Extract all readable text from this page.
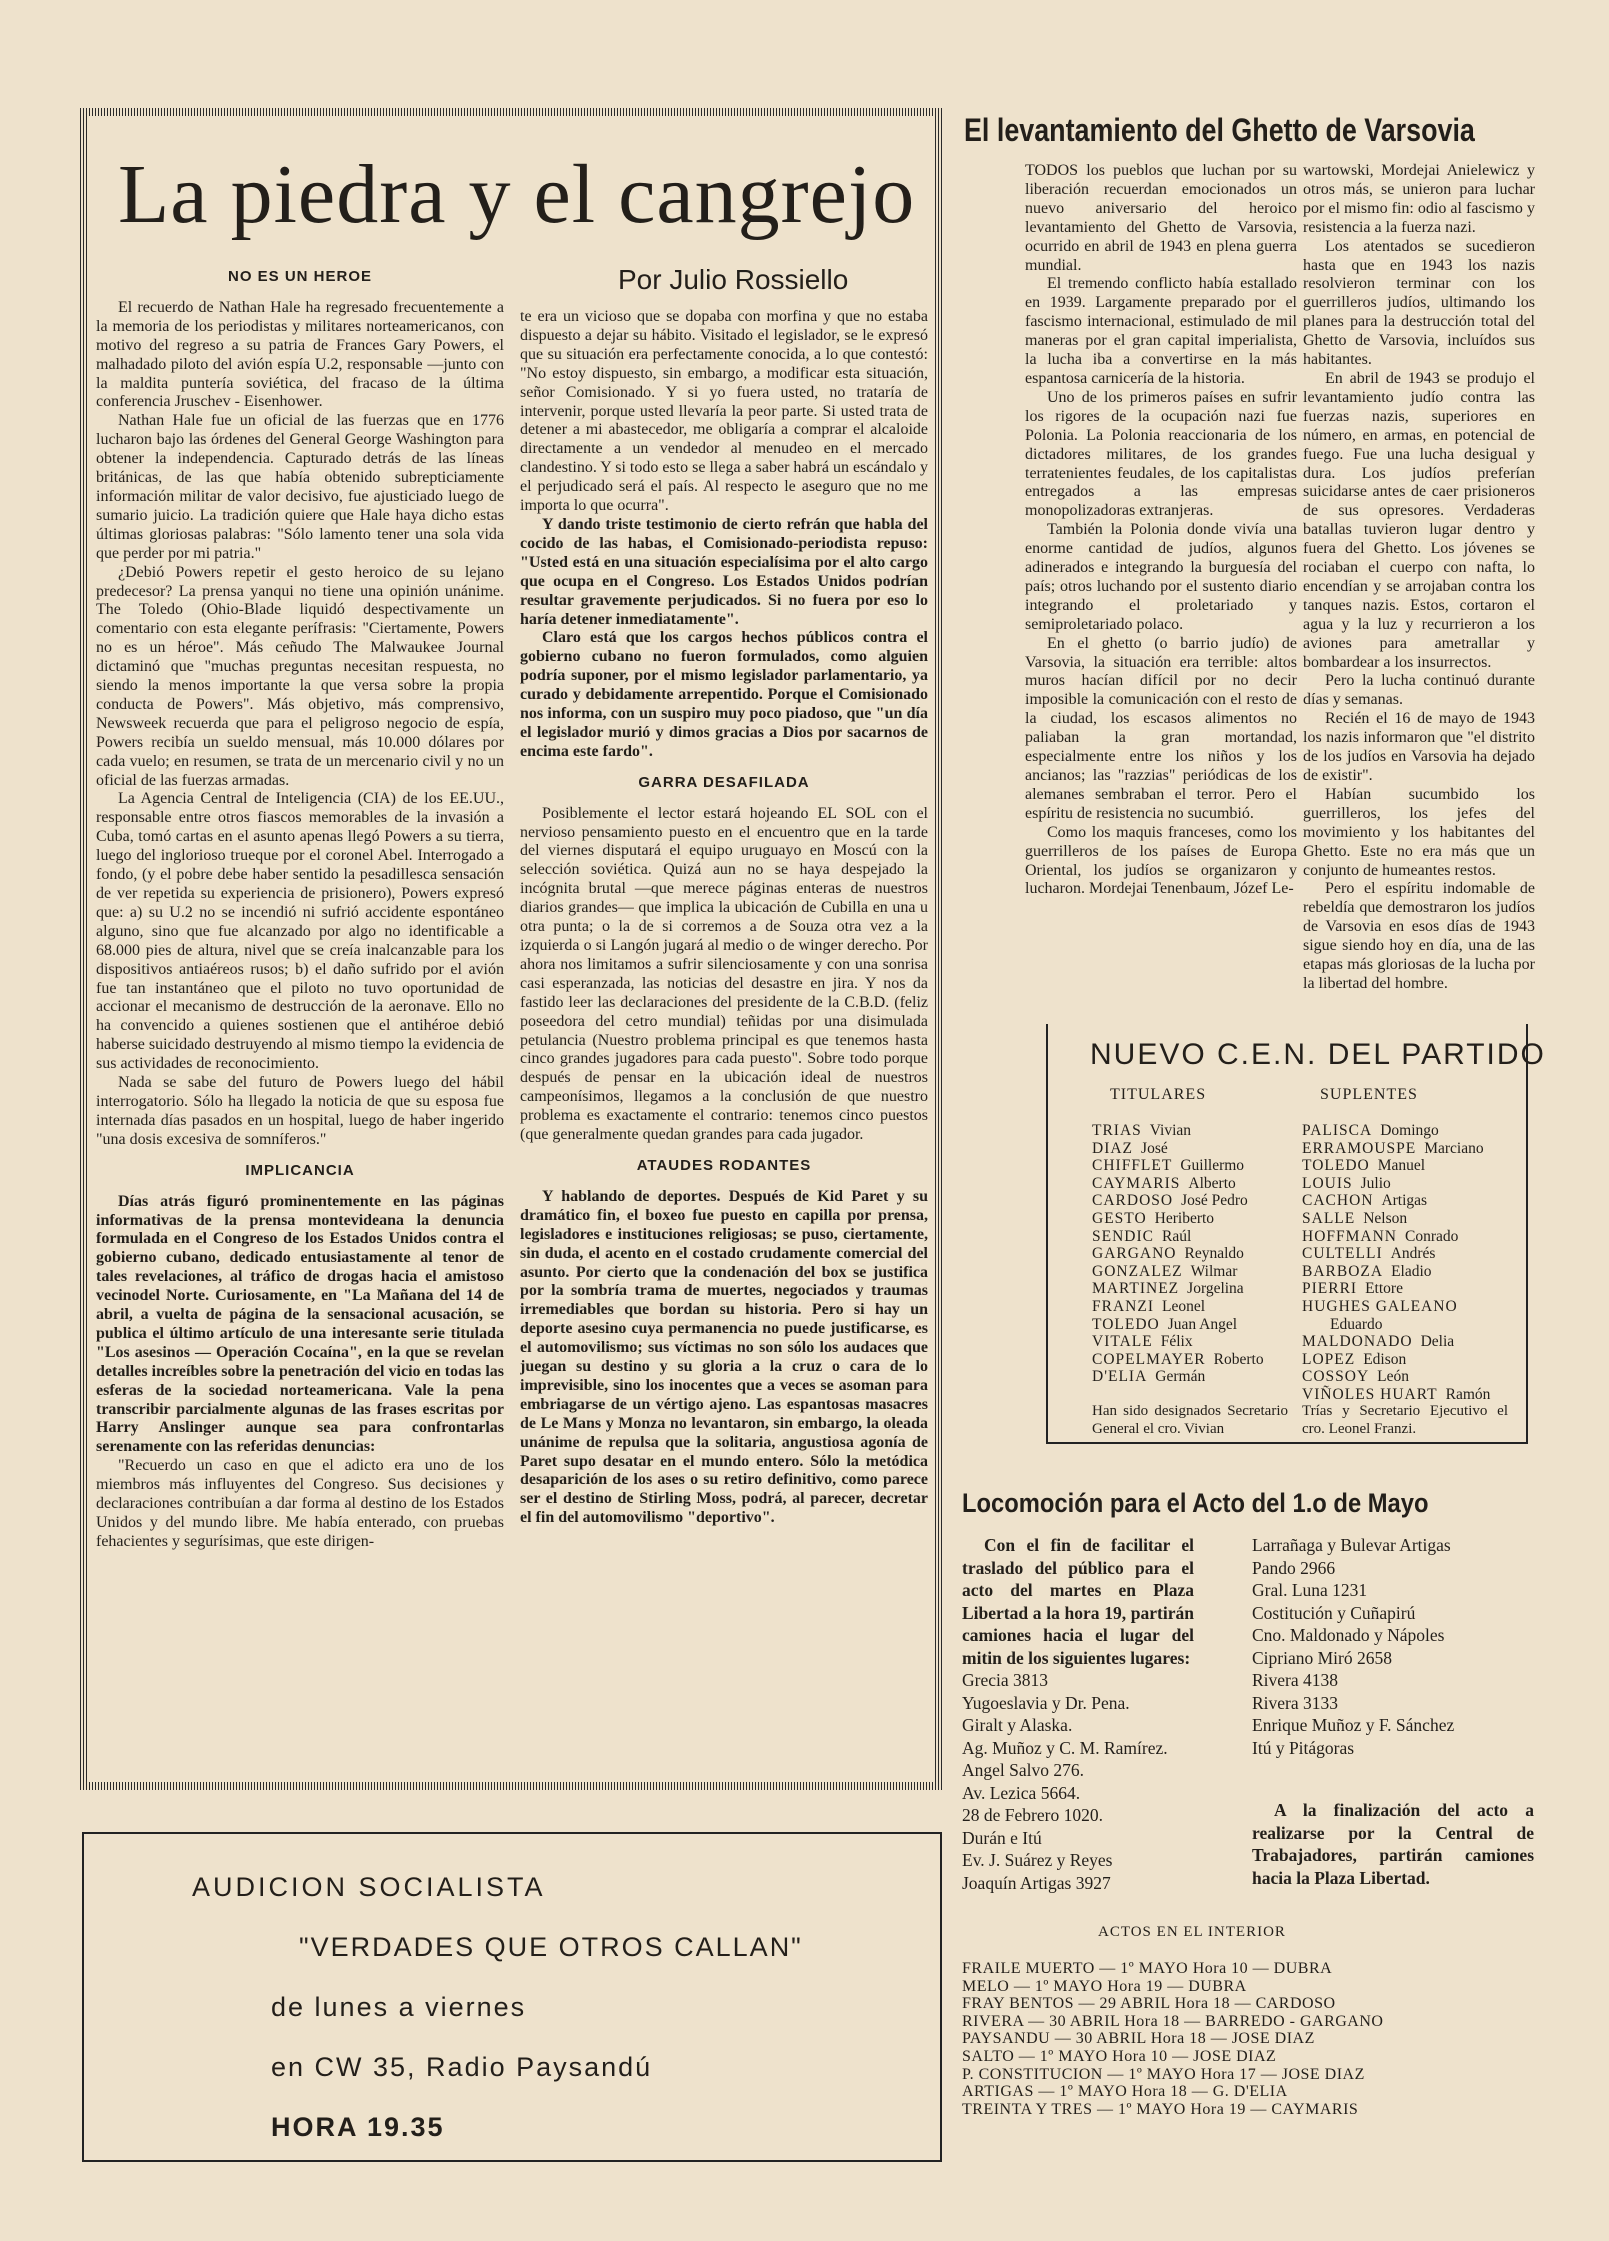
La piedra y el cangrejo
Por Julio Rossiello
NO ES UN HEROE

El recuerdo de Nathan Hale ha regresado frecuentemente a la memoria de los periodistas y militares norteamericanos, con motivo del regreso a su patria de Frances Gary Powers, el malhadado piloto del avión espía U.2, responsable —junto con la maldita puntería soviética, del fracaso de la última conferencia Jruschev - Eisenhower.

Nathan Hale fue un oficial de las fuerzas que en 1776 lucharon bajo las órdenes del General George Washington para obtener la independencia. Capturado detrás de las líneas británicas, de las que había obtenido subrepticiamente información militar de valor decisivo, fue ajusticiado luego de sumario juicio. La tradición quiere que Hale haya dicho estas últimas gloriosas palabras: "Sólo lamento tener una sola vida que perder por mi patria."

¿Debió Powers repetir el gesto heroico de su lejano predecesor? La prensa yanqui no tiene una opinión unánime. The Toledo (Ohio-Blade liquidó despectivamente un comentario con esta elegante perífrasis: "Ciertamente, Powers no es un héroe". Más ceñudo The Malwaukee Journal dictaminó que "muchas preguntas necesitan respuesta, no siendo la menos importante la que versa sobre la propia conducta de Powers". Más objetivo, más comprensivo, Newsweek recuerda que para el peligroso negocio de espía, Powers recibía un sueldo mensual, más 10.000 dólares por cada vuelo; en resumen, se trata de un mercenario civil y no un oficial de las fuerzas armadas.

La Agencia Central de Inteligencia (CIA) de los EE.UU., responsable entre otros fiascos memorables de la invasión a Cuba, tomó cartas en el asunto apenas llegó Powers a su tierra, luego del inglorioso trueque por el coronel Abel. Interrogado a fondo, (y el pobre debe haber sentido la pesadillesca sensación de ver repetida su experiencia de prisionero), Powers expresó que: a) su U.2 no se incendió ni sufrió accidente espontáneo alguno, sino que fue alcanzado por algo no identificable a 68.000 pies de altura, nivel que se creía inalcanzable para los dispositivos antiaéreos rusos; b) el daño sufrido por el avión fue tan instantáneo que el piloto no tuvo oportunidad de accionar el mecanismo de destrucción de la aeronave. Ello no ha convencido a quienes sostienen que el antihéroe debió haberse suicidado destruyendo al mismo tiempo la evidencia de sus actividades de reconocimiento.

Nada se sabe del futuro de Powers luego del hábil interrogatorio. Sólo ha llegado la noticia de que su esposa fue internada días pasados en un hospital, luego de haber ingerido "una dosis excesiva de somníferos."

IMPLICANCIA

Días atrás figuró prominentemente en las páginas informativas de la prensa montevideana la denuncia formulada en el Congreso de los Estados Unidos contra el gobierno cubano, dedicado entusiastamente al tenor de tales revelaciones, al tráfico de drogas hacia el amistoso vecinodel Norte. Curiosamente, en "La Mañana del 14 de abril, a vuelta de página de la sensacional acusación, se publica el último artículo de una interesante serie titulada "Los asesinos — Operación Cocaína", en la que se revelan detalles increíbles sobre la penetración del vicio en todas las esferas de la sociedad norteamericana. Vale la pena transcribir parcialmente algunas de las frases escritas por Harry Anslinger aunque sea para confrontarlas serenamente con las referidas denuncias:

"Recuerdo un caso en que el adicto era uno de los miembros más influyentes del Congreso. Sus decisiones y declaraciones contribuían a dar forma al destino de los Estados Unidos y del mundo libre. Me había enterado, con pruebas fehacientes y segurísimas, que este dirigen-

te era un vicioso que se dopaba con morfina y que no estaba dispuesto a dejar su hábito. Visitado el legislador, se le expresó que su situación era perfectamente conocida, a lo que contestó: "No estoy dispuesto, sin embargo, a modificar esta situación, señor Comisionado. Y si yo fuera usted, no trataría de intervenir, porque usted llevaría la peor parte. Si usted trata de detener a mi abastecedor, me obligaría a comprar el alcaloide directamente a un vendedor al menudeo en el mercado clandestino. Y si todo esto se llega a saber habrá un escándalo y el perjudicado será el país. Al respecto le aseguro que no me importa lo que ocurra".

Y dando triste testimonio de cierto refrán que habla del cocido de las habas, el Comisionado-periodista repuso: "Usted está en una situación especialísima por el alto cargo que ocupa en el Congreso. Los Estados Unidos podrían resultar gravemente perjudicados. Si no fuera por eso lo haría detener inmediatamente".

Claro está que los cargos hechos públicos contra el gobierno cubano no fueron formulados, como alguien podría suponer, por el mismo legislador parlamentario, ya curado y debidamente arrepentido. Porque el Comisionado nos informa, con un suspiro muy poco piadoso, que "un día el legislador murió y dimos gracias a Dios por sacarnos de encima este fardo".

GARRA DESAFILADA

Posiblemente el lector estará hojeando EL SOL con el nervioso pensamiento puesto en el encuentro que en la tarde del viernes disputará el equipo uruguayo en Moscú con la selección soviética. Quizá aun no se haya despejado la incógnita brutal —que merece páginas enteras de nuestros diarios grandes— que implica la ubicación de Cubilla en una u otra punta; o la de si corremos a de Souza otra vez a la izquierda o si Langón jugará al medio o de winger derecho. Por ahora nos limitamos a sufrir silenciosamente y con una sonrisa casi esperanzada, las noticias del desastre en jira. Y nos da fastido leer las declaraciones del presidente de la C.B.D. (feliz poseedora del cetro mundial) teñidas por una disimulada petulancia (Nuestro problema principal es que tenemos hasta cinco grandes jugadores para cada puesto". Sobre todo porque después de pensar en la ubicación ideal de nuestros campeonísimos, llegamos a la conclusión de que nuestro problema es exactamente el contrario: tenemos cinco puestos (que generalmente quedan grandes para cada jugador.

ATAUDES RODANTES

Y hablando de deportes. Después de Kid Paret y su dramático fin, el boxeo fue puesto en capilla por prensa, legisladores e instituciones religiosas; se puso, ciertamente, sin duda, el acento en el costado crudamente comercial del asunto. Por cierto que la condenación del box se justifica por la sombría trama de muertes, negociados y traumas irremediables que bordan su historia. Pero si hay un deporte asesino cuya permanencia no puede justificarse, es el automovilismo; sus víctimas no son sólo los audaces que juegan su destino y su gloria a la cruz o cara de lo imprevisible, sino los inocentes que a veces se asoman para embriagarse de un vértigo ajeno. Las espantosas masacres de Le Mans y Monza no levantaron, sin embargo, la oleada unánime de repulsa que la solitaria, angustiosa agonía de Paret supo desatar en el mundo entero. Sólo la metódica desaparición de los ases o su retiro definitivo, como parece ser el destino de Stirling Moss, podrá, al parecer, decretar el fin del automovilismo "deportivo".

AUDICION SOCIALISTA
"VERDADES QUE OTROS CALLAN"
de lunes a viernes
en CW 35, Radio Paysandú
HORA 19.35
El levantamiento del Ghetto de Varsovia

TODOS los pueblos que luchan por su liberación recuerdan emocionados un nuevo aniversario del heroico levantamiento del Ghetto de Varsovia, ocurrido en abril de 1943 en plena guerra mundial.

El tremendo conflicto había estallado en 1939. Largamente preparado por el fascismo internacional, estimulado de mil maneras por el gran capital imperialista, la lucha iba a convertirse en la más espantosa carnicería de la historia.

Uno de los primeros países en sufrir los rigores de la ocupación nazi fue Polonia. La Polonia reaccionaria de los dictadores militares, de los grandes terratenientes feudales, de los capitalistas entregados a las empresas monopolizadoras extranjeras.

También la Polonia donde vivía una enorme cantidad de judíos, algunos adinerados e integrando la burguesía del país; otros luchando por el sustento diario integrando el proletariado y semiproletariado polaco.

En el ghetto (o barrio judío) de Varsovia, la situación era terrible: altos muros hacían difícil por no decir imposible la comunicación con el resto de la ciudad, los escasos alimentos no paliaban la gran mortandad, especialmente entre los niños y los ancianos; las "razzias" periódicas de los alemanes sembraban el terror. Pero el espíritu de resistencia no sucumbió.

Como los maquis franceses, como los guerrilleros de los países de Europa Oriental, los judíos se organizaron y lucharon. Mordejai Tenenbaum, Józef Le-

wartowski, Mordejai Anielewicz y otros más, se unieron para luchar por el mismo fin: odio al fascismo y resistencia a la fuerza nazi.

Los atentados se sucedieron hasta que en 1943 los nazis resolvieron terminar con los guerrilleros judíos, ultimando los planes para la destrucción total del Ghetto de Varsovia, incluídos sus habitantes.

En abril de 1943 se produjo el levantamiento judío contra las fuerzas nazis, superiores en número, en armas, en potencial de fuego. Fue una lucha desigual y dura. Los judíos preferían suicidarse antes de caer prisioneros de sus opresores. Verdaderas batallas tuvieron lugar dentro y fuera del Ghetto. Los jóvenes se rociaban el cuerpo con nafta, lo encendían y se arrojaban contra los tanques nazis. Estos, cortaron el agua y la luz y recurrieron a los aviones para ametrallar y bombardear a los insurrectos.

Pero la lucha continuó durante días y semanas.

Recién el 16 de mayo de 1943 los nazis informaron que "el distrito de los judíos en Varsovia ha dejado de existir".

Habían sucumbido los guerrilleros, los jefes del movimiento y los habitantes del Ghetto. Este no era más que un conjunto de humeantes restos.

Pero el espíritu indomable de rebeldía que demostraron los judíos de Varsovia en esos días de 1943 sigue siendo hoy en día, una de las etapas más gloriosas de la lucha por la libertad del hombre.

NUEVO C.E.N. DEL PARTIDO
TITULARES	SUPLENTES
TRIAS Vivian
DIAZ José
CHIFFLET Guillermo
CAYMARIS Alberto
CARDOSO José Pedro
GESTO Heriberto
SENDIC Raúl
GARGANO Reynaldo
GONZALEZ Wilmar
MARTINEZ Jorgelina
FRANZI Leonel
TOLEDO Juan Angel
VITALE Félix
COPELMAYER Roberto
D'ELIA Germán
PALISCA Domingo
ERRAMOUSPE Marciano
TOLEDO Manuel
LOUIS Julio
CACHON Artigas
SALLE Nelson
HOFFMANN Conrado
CULTELLI Andrés
BARBOZA Eladio
PIERRI Ettore
HUGHES GALEANO
Eduardo
MALDONADO Delia
LOPEZ Edison
COSSOY León
VIÑOLES HUART Ramón
Han sido designados Secretario General el cro. Vivian
Trías y Secretario Ejecutivo el cro. Leonel Franzi.
Locomoción para el Acto del 1.o de Mayo
Con el fin de facilitar el traslado del público para el acto del martes en Plaza Libertad a la hora 19, partirán camiones hacia el lugar del mitin de los siguientes lugares:
Grecia 3813
Yugoeslavia y Dr. Pena.
Giralt y Alaska.
Ag. Muñoz y C. M. Ramírez.
Angel Salvo 276.
Av. Lezica 5664.
28 de Febrero 1020.
Durán e Itú
Ev. J. Suárez y Reyes
Joaquín Artigas 3927
Larrañaga y Bulevar Artigas
Pando 2966
Gral. Luna 1231
Costitución y Cuñapirú
Cno. Maldonado y Nápoles
Cipriano Miró 2658
Rivera 4138
Rivera 3133
Enrique Muñoz y F. Sánchez
Itú y Pitágoras
A la finalización del acto a realizarse por la Central de Trabajadores, partirán camiones hacia la Plaza Libertad.
ACTOS EN EL INTERIOR
FRAILE MUERTO — 1º MAYO Hora 10 — DUBRA
MELO — 1º MAYO Hora 19 — DUBRA
FRAY BENTOS — 29 ABRIL Hora 18 — CARDOSO
RIVERA — 30 ABRIL Hora 18 — BARREDO - GARGANO
PAYSANDU — 30 ABRIL Hora 18 — JOSE DIAZ
SALTO — 1º MAYO Hora 10 — JOSE DIAZ
P. CONSTITUCION — 1º MAYO Hora 17 — JOSE DIAZ
ARTIGAS — 1º MAYO Hora 18 — G. D'ELIA
TREINTA Y TRES — 1º MAYO Hora 19 — CAYMARIS
